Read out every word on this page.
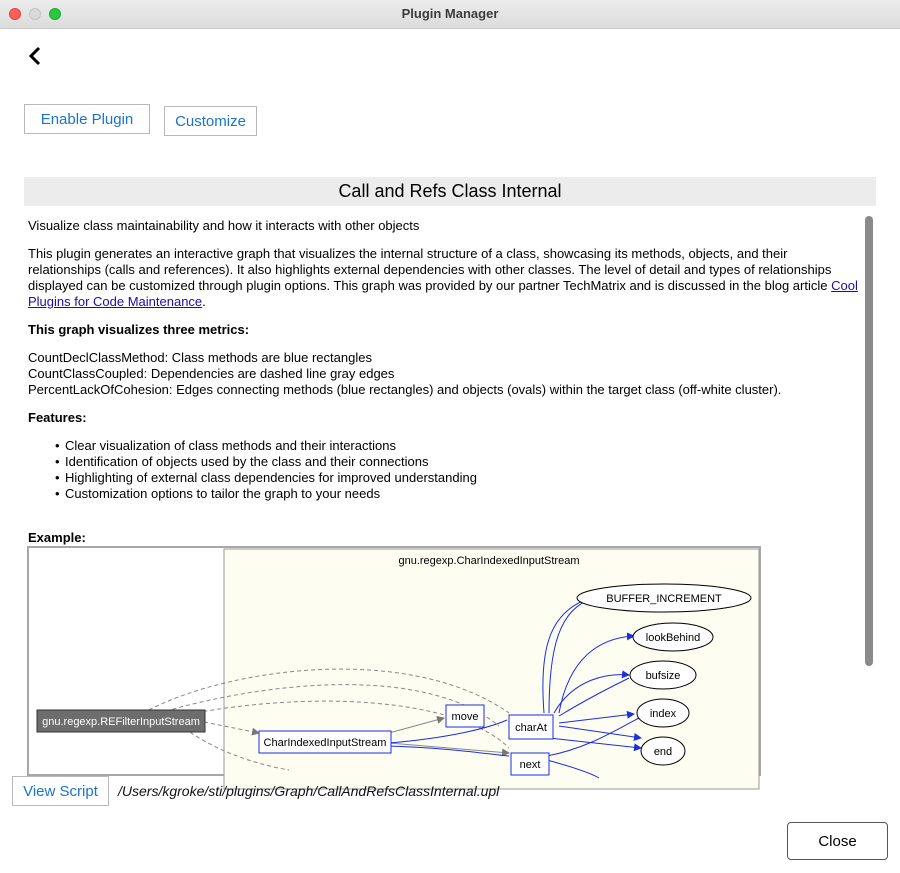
Plugin Manager
Enable Plugin	Customize
Call and Refs Class Internal

Visualize class maintainability and how it interacts with other objects

This plugin generates an interactive graph that visualizes the internal structure of a class, showcasing its methods, objects, and their relationships (calls and references). It also highlights external dependencies with other classes. The level of detail and types of relationships displayed can be customized through plugin options. This graph was provided by our partner TechMatrix and is discussed in the blog article Cool Plugins for Code Maintenance.

This graph visualizes three metrics:

CountDeclClassMethod: Class methods are blue rectangles

CountClassCoupled: Dependencies are dashed line gray edges

PercentLackOfCohesion: Edges connecting methods (blue rectangles) and objects (ovals) within the target class (off-white cluster).

Features:

• Clear visualization of class methods and their interactions
• Identification of objects used by the class and their connections
• Highlighting of external class dependencies for improved understanding
• Customization options to tailor the graph to your needs

Example:

gnu.regexp.CharIndexedInputStream
gnu.regexp.REFilterInputStream
CharIndexedInputStream
move
charAt
next
BUFFER_INCREMENT
lookBehind
bufsize
index
end
View Script	/Users/kgroke/sti/plugins/Graph/CallAndRefsClassInternal.upl
Close
